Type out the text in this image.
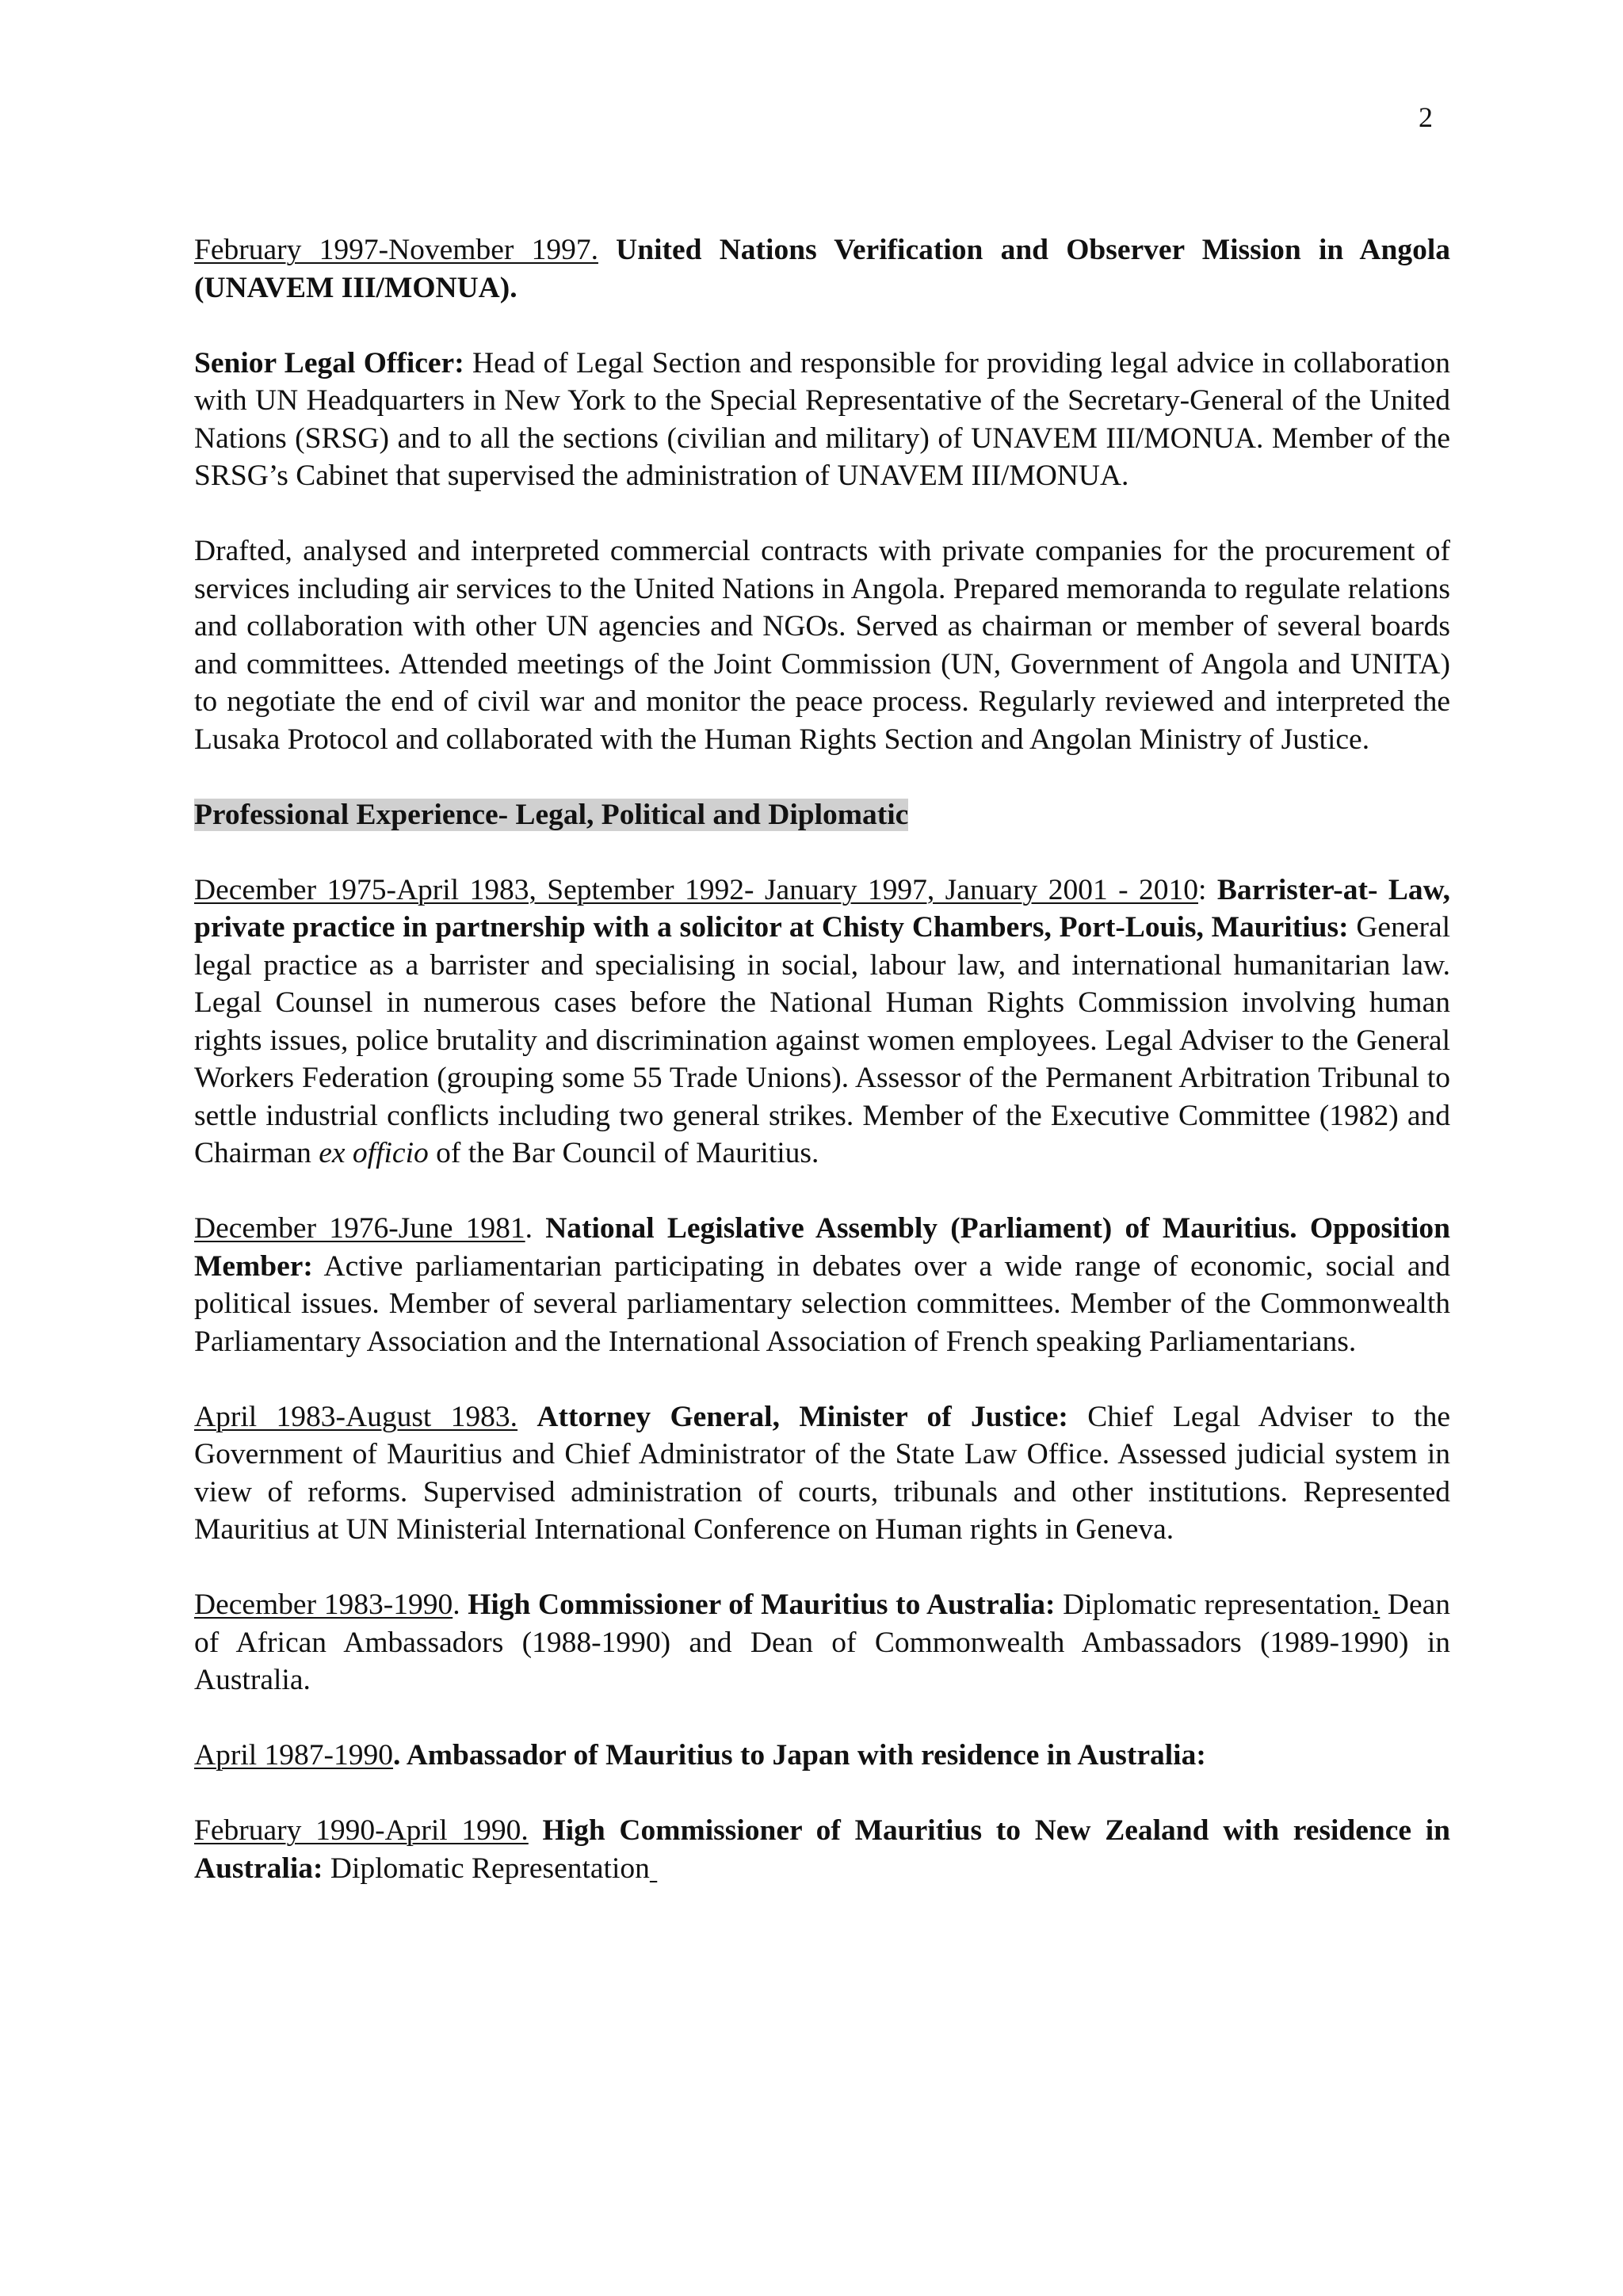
2

February 1997-November 1997. United Nations Verification and Observer Mission in Angola (UNAVEM III/MONUA).

Senior Legal Officer: Head of Legal Section and responsible for providing legal advice in collaboration with UN Headquarters in New York to the Special Representative of the Secretary-General of the United Nations (SRSG) and to all the sections (civilian and military) of UNAVEM III/MONUA. Member of the SRSG’s Cabinet that supervised the administration of UNAVEM III/MONUA.

Drafted, analysed and interpreted commercial contracts with private companies for the procurement of services including air services to the United Nations in Angola. Prepared memoranda to regulate relations and collaboration with other UN agencies and NGOs. Served as chairman or member of several boards and committees. Attended meetings of the Joint Commission (UN, Government of Angola and UNITA) to negotiate the end of civil war and monitor the peace process. Regularly reviewed and interpreted the Lusaka Protocol and collaborated with the Human Rights Section and Angolan Ministry of Justice.

Professional Experience- Legal, Political and Diplomatic

December 1975-April 1983, September 1992- January 1997, January 2001 - 2010: Barrister-at- Law, private practice in partnership with a solicitor at Chisty Chambers, Port-Louis, Mauritius: General legal practice as a barrister and specialising in social, labour law, and international humanitarian law. Legal Counsel in numerous cases before the National Human Rights Commission involving human rights issues, police brutality and discrimination against women employees. Legal Adviser to the General Workers Federation (grouping some 55 Trade Unions). Assessor of the Permanent Arbitration Tribunal to settle industrial conflicts including two general strikes. Member of the Executive Committee (1982) and Chairman ex officio of the Bar Council of Mauritius.

December 1976-June 1981. National Legislative Assembly (Parliament) of Mauritius. Opposition Member: Active parliamentarian participating in debates over a wide range of economic, social and political issues. Member of several parliamentary selection committees. Member of the Commonwealth Parliamentary Association and the International Association of French speaking Parliamentarians.

April 1983-August 1983. Attorney General, Minister of Justice: Chief Legal Adviser to the Government of Mauritius and Chief Administrator of the State Law Office. Assessed judicial system in view of reforms. Supervised administration of courts, tribunals and other institutions. Represented Mauritius at UN Ministerial International Conference on Human rights in Geneva.

December 1983-1990. High Commissioner of Mauritius to Australia: Diplomatic representation. Dean of African Ambassadors (1988-1990) and Dean of Commonwealth Ambassadors (1989-1990) in Australia.

April 1987-1990. Ambassador of Mauritius to Japan with residence in Australia:

February 1990-April 1990. High Commissioner of Mauritius to New Zealand with residence in Australia: Diplomatic Representation
